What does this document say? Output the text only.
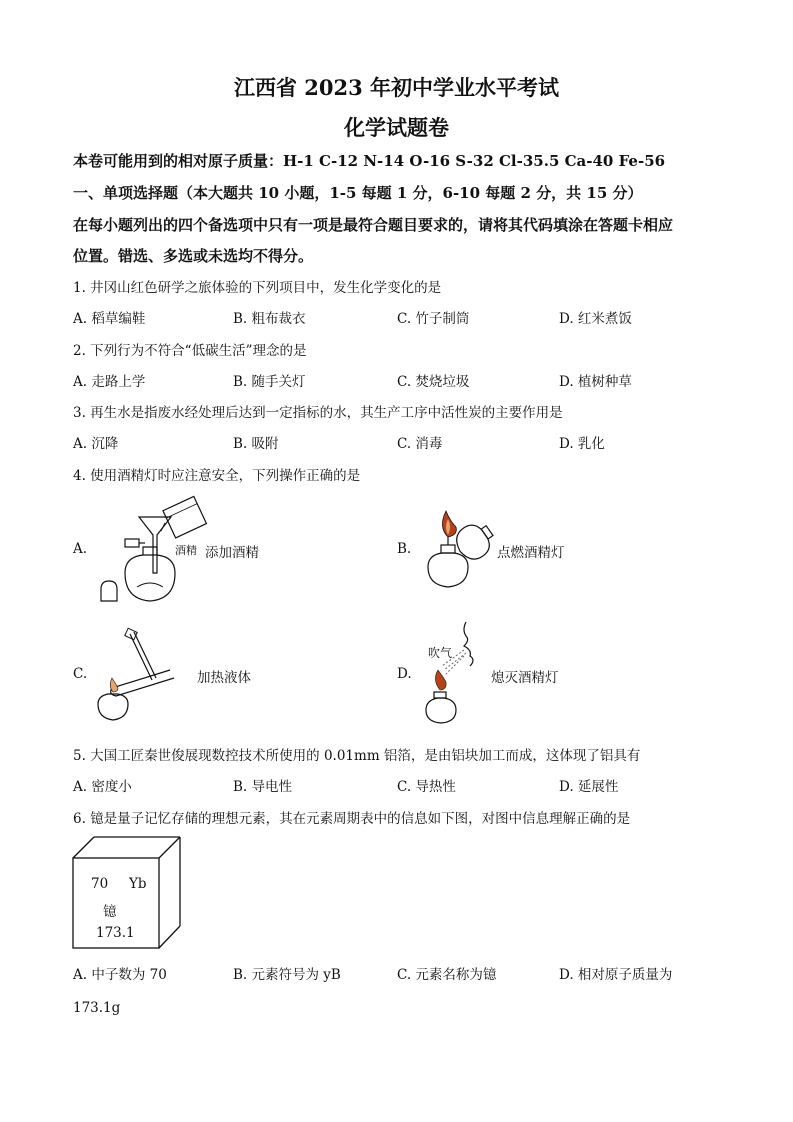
江西省 2023 年初中学业水平考试
化学试题卷
本卷可能用到的相对原子质量：H-1 C-12 N-14 O-16 S-32 Cl-35.5 Ca-40 Fe-56
一、单项选择题（本大题共 10 小题，1-5 每题 1 分，6-10 每题 2 分，共 15 分）
在每小题列出的四个备选项中只有一项是最符合题目要求的，请将其代码填涂在答题卡相应
位置。错选、多选或未选均不得分。
1. 井冈山红色研学之旅体验的下列项目中，发生化学变化的是
A. 稻草编鞋	B. 粗布裁衣	C. 竹子制筒	D. 红米煮饭
2. 下列行为不符合“低碳生活”理念的是
A. 走路上学	B. 随手关灯	C. 焚烧垃圾	D. 植树种草
3. 再生水是指废水经处理后达到一定指标的水，其生产工序中活性炭的主要作用是
A. 沉降	B. 吸附	C. 消毒	D. 乳化
4. 使用酒精灯时应注意安全，下列操作正确的是
A.	酒精 添加酒精	B.	点燃酒精灯
C.	加热液体	D.
吹气
熄灭酒精灯
5. 大国工匠秦世俊展现数控技术所使用的 0.01mm 铝箔，是由铝块加工而成，这体现了铝具有
A. 密度小	B. 导电性	C. 导热性	D. 延展性
6. 镱是量子记忆存储的理想元素，其在元素周期表中的信息如下图，对图中信息理解正确的是
70 Yb
镱
173.1
A. 中子数为 70	B. 元素符号为 yB	C. 元素名称为镱	D. 相对原子质量为
173.1g
